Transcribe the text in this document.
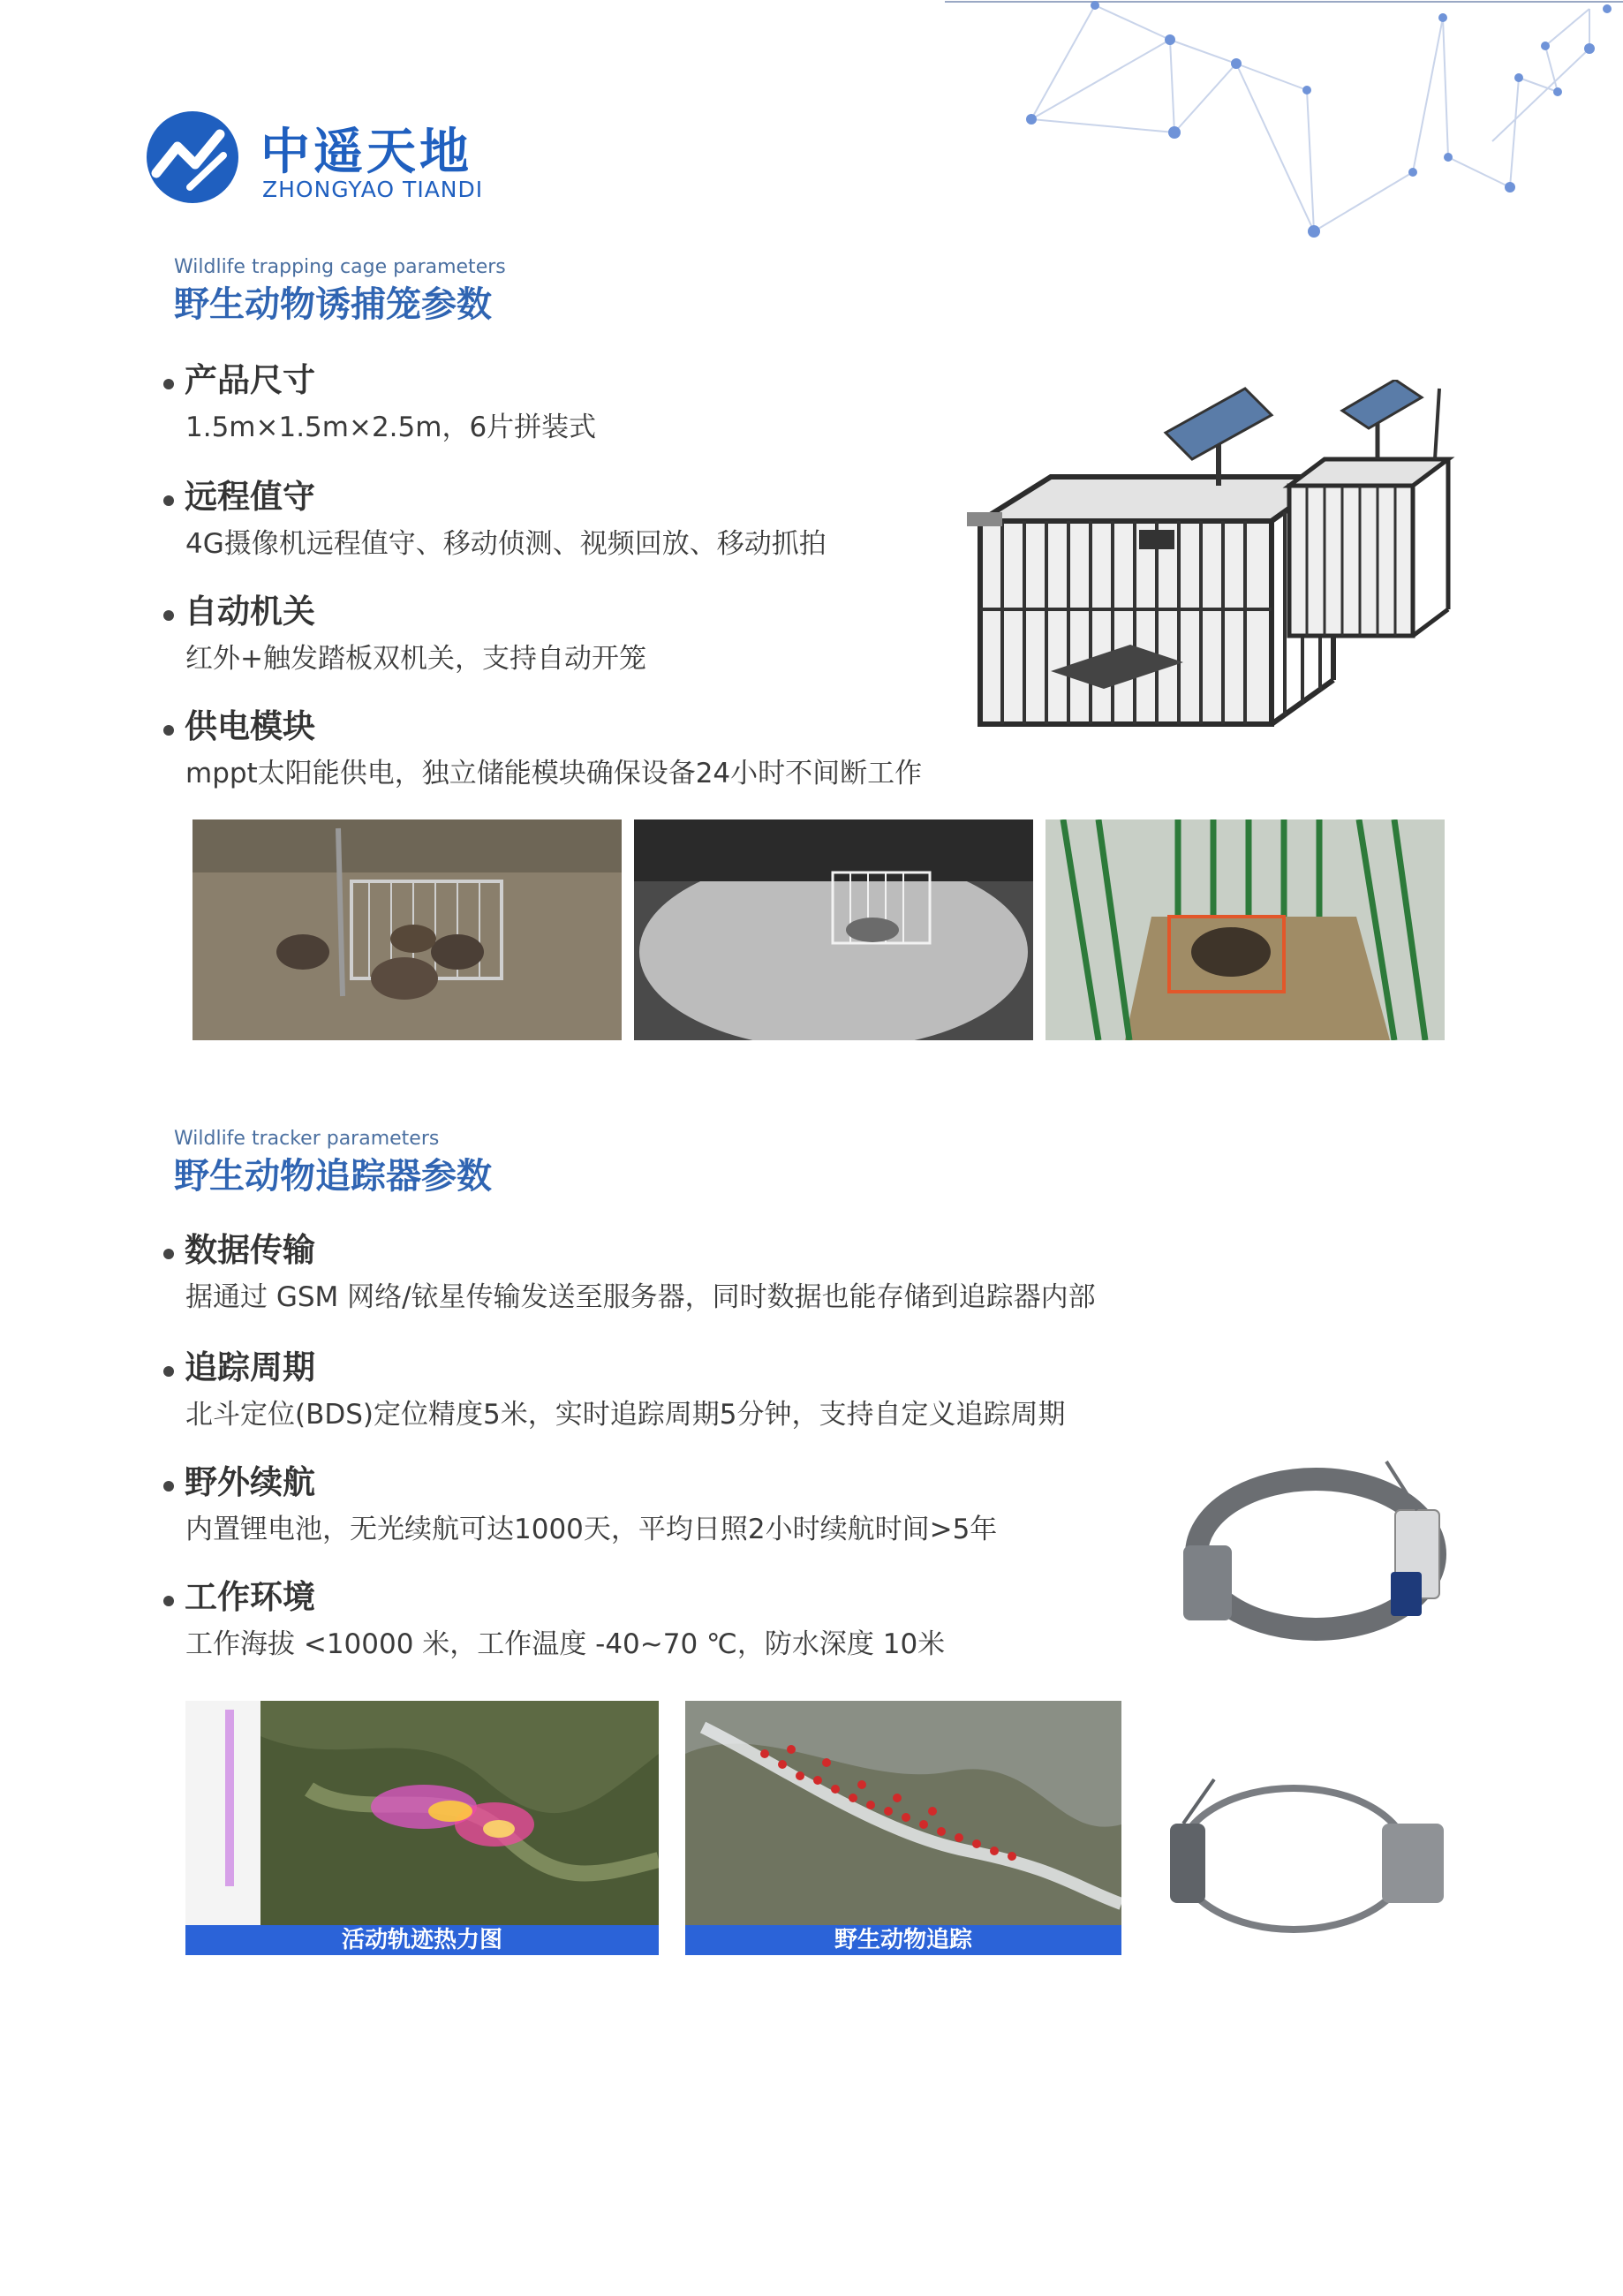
中遥天地
ZHONGYAO TIANDI
Wildlife trapping cage parameters
野生动物诱捕笼参数
产品尺寸
1.5m×1.5m×2.5m，6片拼装式
远程值守
4G摄像机远程值守、移动侦测、视频回放、移动抓拍
自动机关
红外+触发踏板双机关，支持自动开笼
供电模块
mppt太阳能供电，独立储能模块确保设备24小时不间断工作
Wildlife tracker parameters
野生动物追踪器参数
数据传输
据通过 GSM 网络/铱星传输发送至服务器，同时数据也能存储到追踪器内部
追踪周期
北斗定位(BDS)定位精度5米，实时追踪周期5分钟，支持自定义追踪周期
野外续航
内置锂电池，无光续航可达1000天，平均日照2小时续航时间>5年
工作环境
工作海拔 <10000 米，工作温度 -40~70 ℃，防水深度 10米
活动轨迹热力图	野生动物追踪
